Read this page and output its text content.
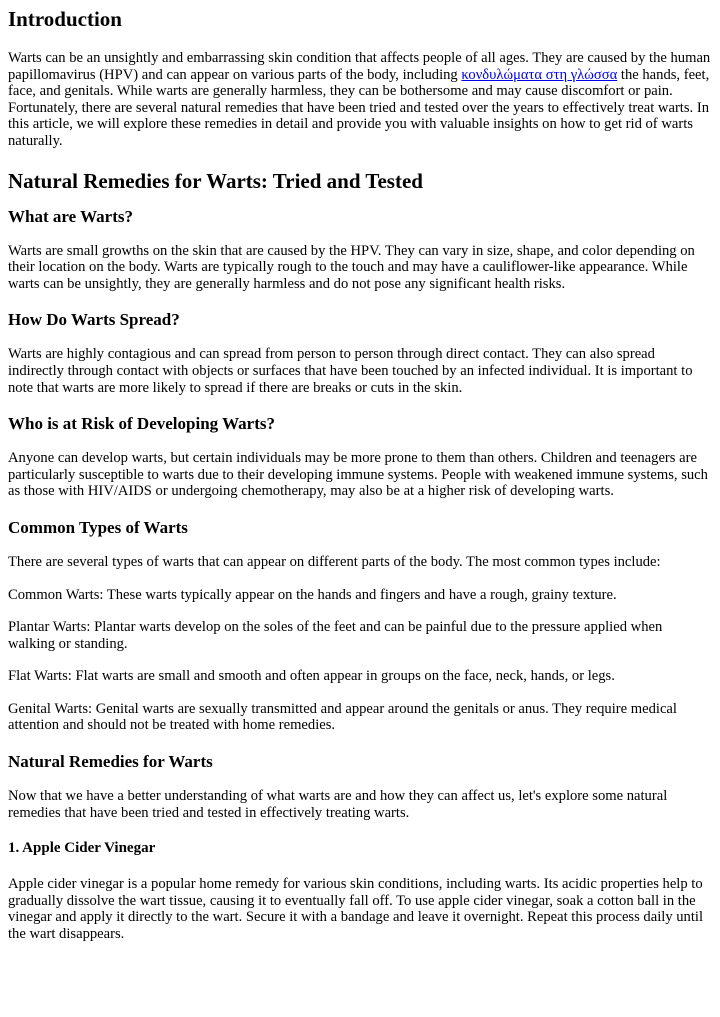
Introduction

Warts can be an unsightly and embarrassing skin condition that affects people of all ages. They are caused by the human papillomavirus (HPV) and can appear on various parts of the body, including κονδυλώματα στη γλώσσα the hands, feet, face, and genitals. While warts are generally harmless, they can be bothersome and may cause discomfort or pain. Fortunately, there are several natural remedies that have been tried and tested over the years to effectively treat warts. In this article, we will explore these remedies in detail and provide you with valuable insights on how to get rid of warts naturally.

Natural Remedies for Warts: Tried and Tested
What are Warts?

Warts are small growths on the skin that are caused by the HPV. They can vary in size, shape, and color depending on their location on the body. Warts are typically rough to the touch and may have a cauliflower-like appearance. While warts can be unsightly, they are generally harmless and do not pose any significant health risks.

How Do Warts Spread?

Warts are highly contagious and can spread from person to person through direct contact. They can also spread indirectly through contact with objects or surfaces that have been touched by an infected individual. It is important to note that warts are more likely to spread if there are breaks or cuts in the skin.

Who is at Risk of Developing Warts?

Anyone can develop warts, but certain individuals may be more prone to them than others. Children and teenagers are particularly susceptible to warts due to their developing immune systems. People with weakened immune systems, such as those with HIV/AIDS or undergoing chemotherapy, may also be at a higher risk of developing warts.

Common Types of Warts

There are several types of warts that can appear on different parts of the body. The most common types include:

Common Warts: These warts typically appear on the hands and fingers and have a rough, grainy texture.

Plantar Warts: Plantar warts develop on the soles of the feet and can be painful due to the pressure applied when walking or standing.

Flat Warts: Flat warts are small and smooth and often appear in groups on the face, neck, hands, or legs.

Genital Warts: Genital warts are sexually transmitted and appear around the genitals or anus. They require medical attention and should not be treated with home remedies.

Natural Remedies for Warts

Now that we have a better understanding of what warts are and how they can affect us, let's explore some natural remedies that have been tried and tested in effectively treating warts.

1. Apple Cider Vinegar

Apple cider vinegar is a popular home remedy for various skin conditions, including warts. Its acidic properties help to gradually dissolve the wart tissue, causing it to eventually fall off. To use apple cider vinegar, soak a cotton ball in the vinegar and apply it directly to the wart. Secure it with a bandage and leave it overnight. Repeat this process daily until the wart disappears.
